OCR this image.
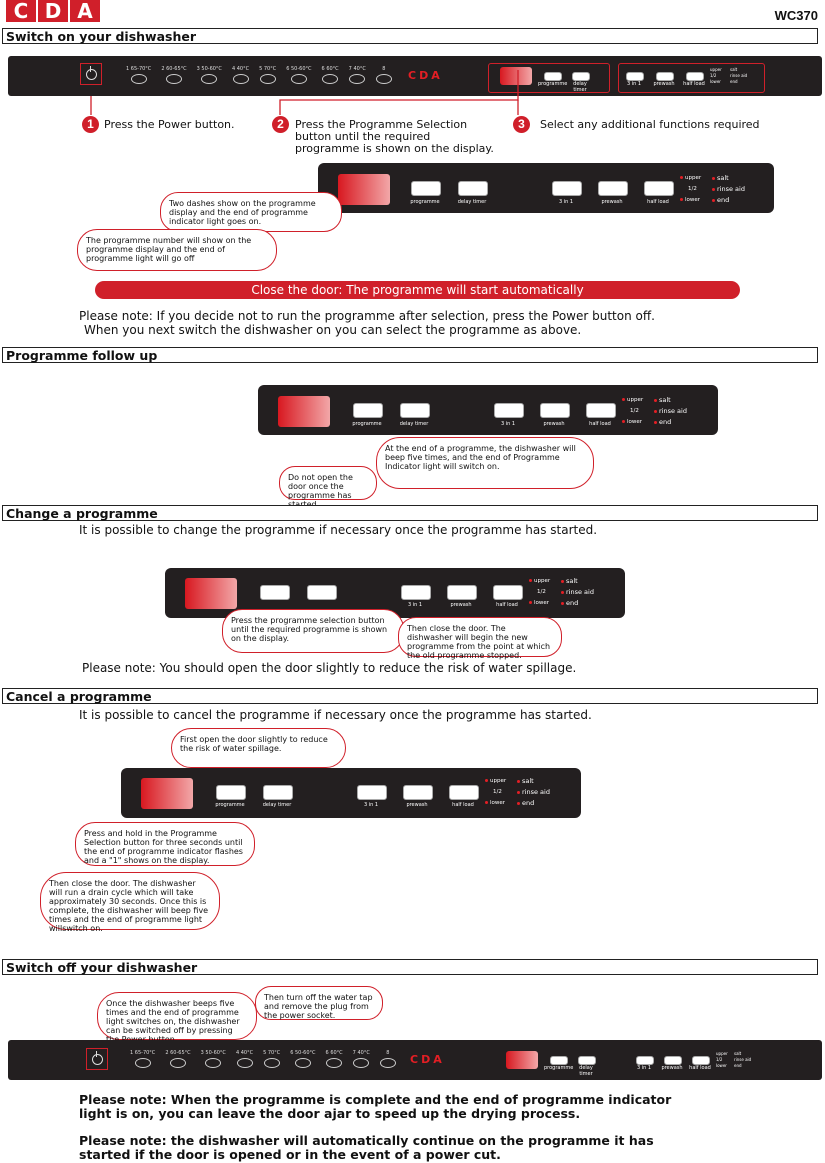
C D A	WC370
Switch on your dishwasher
1 65-70°C 2 60-65°C 3 50-60°C 4 40°C 5 70°C 6 50-60°C 6 60°C 7 40°C	8 CDA
programme	delay timer
3 in 1	prewash	half load
upper
1/2
lower
salt
rinse aid
end
1 Press the Power button.	2	Press the Programme Selection
button until the required
programme is shown on the display.
3	Select any additional functions required
programme	delay timer	3 in 1	prewash	half load
upper
1/2
lower
salt
rinse aid
end
Two dashes show on the programme display and the end of programme indicator light goes on.
The programme number will show on the programme display and the end of programme light will go off
Close the door: The programme will start automatically
Please note: If you decide not to run the programme after selection, press the Power button off.
When you next switch the dishwasher on you can select the programme as above.
Programme follow up
programme	delay timer	3 in 1	prewash	half load
upper
1/2
lower
salt
rinse aid
end
At the end of a programme, the dishwasher will beep five times, and the end of Programme Indicator light will switch on.
Do not open the door once the programme has
Change a programme
It is possible to change the programme if necessary once the programme has started.
3 in 1	prewash	half load
upper
1/2
lower
salt
rinse aid
end
Press the programme selection button until the required programme is shown on the display.
Then close the door. The dishwasher will begin the new programme from the point at which the old programme stopped.
Please note: You should open the door slightly to reduce the risk of water spillage.
Cancel a programme
It is possible to cancel the programme if necessary once the programme has started.
First open the door slightly to reduce the risk of water spillage.
programme	delay timer	3 in 1	prewash	half load
upper
1/2
lower
salt
rinse aid
end
Press and hold in the Programme Selection button for three seconds until the end of programme indicator flashes and a "1" shows on the display.
Then close the door. The dishwasher will run a drain cycle which will take approximately 30 seconds. Once this is complete, the dishwasher will beep five times and the end of programme light willswitch on.
Switch off your dishwasher
Once the dishwasher beeps five times and the end of programme light switches on, the dishwasher can be switched off by pressing
Then turn off the water tap and remove the plug from the power socket.
1 65-70°C 2 60-65°C 3 50-60°C 4 40°C 5 70°C 6 50-60°C 6 60°C 7 40°C	8 CDA
programme	delay timer
3 in 1	prewash	half load
upper
1/2
lower
salt
rinse aid
end
Please note: When the programme is complete and the end of programme indicator
light is on, you can leave the door ajar to speed up the drying process.
Please note: the dishwasher will automatically continue on the programme it has
started if the door is opened or in the event of a power cut.
